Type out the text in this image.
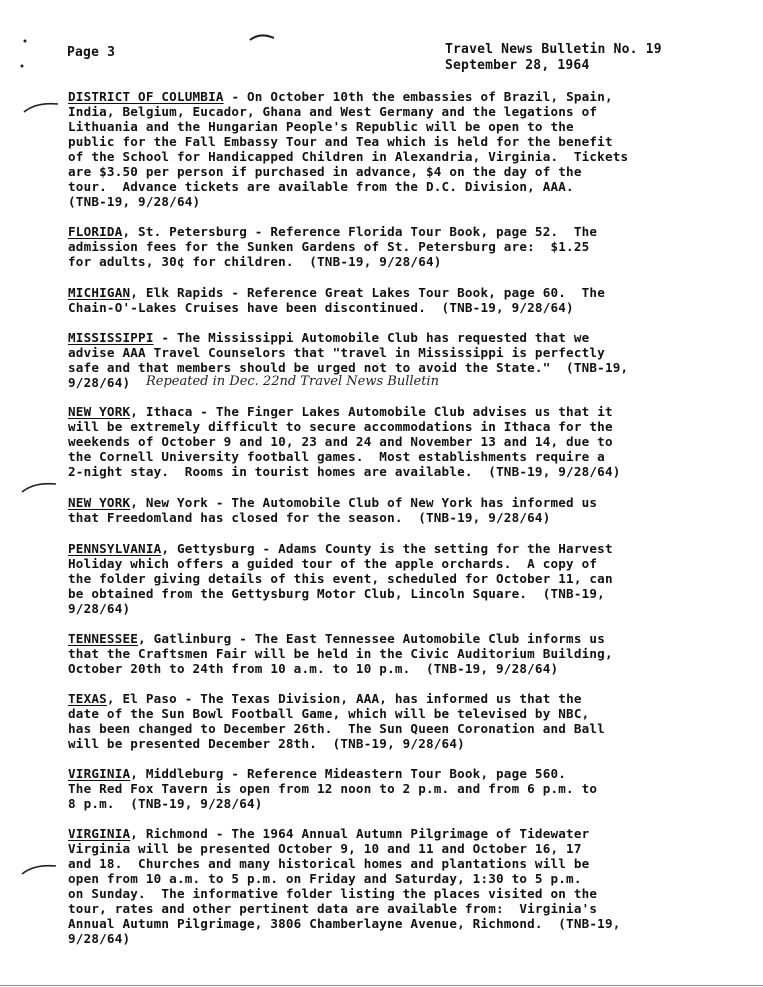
Page 3	Travel News Bulletin No. 19
September 28, 1964
DISTRICT OF COLUMBIA - On October 10th the embassies of Brazil, Spain,
India, Belgium, Eucador, Ghana and West Germany and the legations of
Lithuania and the Hungarian People's Republic will be open to the
public for the Fall Embassy Tour and Tea which is held for the benefit
of the School for Handicapped Children in Alexandria, Virginia.  Tickets
are $3.50 per person if purchased in advance, $4 on the day of the
tour.  Advance tickets are available from the D.C. Division, AAA.
(TNB-19, 9/28/64)
FLORIDA, St. Petersburg - Reference Florida Tour Book, page 52.  The
admission fees for the Sunken Gardens of St. Petersburg are:  $1.25
for adults, 30¢ for children.  (TNB-19, 9/28/64)
MICHIGAN, Elk Rapids - Reference Great Lakes Tour Book, page 60.  The
Chain-O'-Lakes Cruises have been discontinued.  (TNB-19, 9/28/64)
MISSISSIPPI - The Mississippi Automobile Club has requested that we
advise AAA Travel Counselors that "travel in Mississippi is perfectly
safe and that members should be urged not to avoid the State."  (TNB-19,
9/28/64)
NEW YORK, Ithaca - The Finger Lakes Automobile Club advises us that it
will be extremely difficult to secure accommodations in Ithaca for the
weekends of October 9 and 10, 23 and 24 and November 13 and 14, due to
the Cornell University football games.  Most establishments require a
2-night stay.  Rooms in tourist homes are available.  (TNB-19, 9/28/64)
NEW YORK, New York - The Automobile Club of New York has informed us
that Freedomland has closed for the season.  (TNB-19, 9/28/64)
PENNSYLVANIA, Gettysburg - Adams County is the setting for the Harvest
Holiday which offers a guided tour of the apple orchards.  A copy of
the folder giving details of this event, scheduled for October 11, can
be obtained from the Gettysburg Motor Club, Lincoln Square.  (TNB-19,
9/28/64)
TENNESSEE, Gatlinburg - The East Tennessee Automobile Club informs us
that the Craftsmen Fair will be held in the Civic Auditorium Building,
October 20th to 24th from 10 a.m. to 10 p.m.  (TNB-19, 9/28/64)
TEXAS, El Paso - The Texas Division, AAA, has informed us that the
date of the Sun Bowl Football Game, which will be televised by NBC,
has been changed to December 26th.  The Sun Queen Coronation and Ball
will be presented December 28th.  (TNB-19, 9/28/64)
VIRGINIA, Middleburg - Reference Mideastern Tour Book, page 560.
The Red Fox Tavern is open from 12 noon to 2 p.m. and from 6 p.m. to
8 p.m.  (TNB-19, 9/28/64)
VIRGINIA, Richmond - The 1964 Annual Autumn Pilgrimage of Tidewater
Virginia will be presented October 9, 10 and 11 and October 16, 17
and 18.  Churches and many historical homes and plantations will be
open from 10 a.m. to 5 p.m. on Friday and Saturday, 1:30 to 5 p.m.
on Sunday.  The informative folder listing the places visited on the
tour, rates and other pertinent data are available from:  Virginia's
Annual Autumn Pilgrimage, 3806 Chamberlayne Avenue, Richmond.  (TNB-19,
9/28/64)
Repeated in Dec. 22nd Travel News Bulletin
